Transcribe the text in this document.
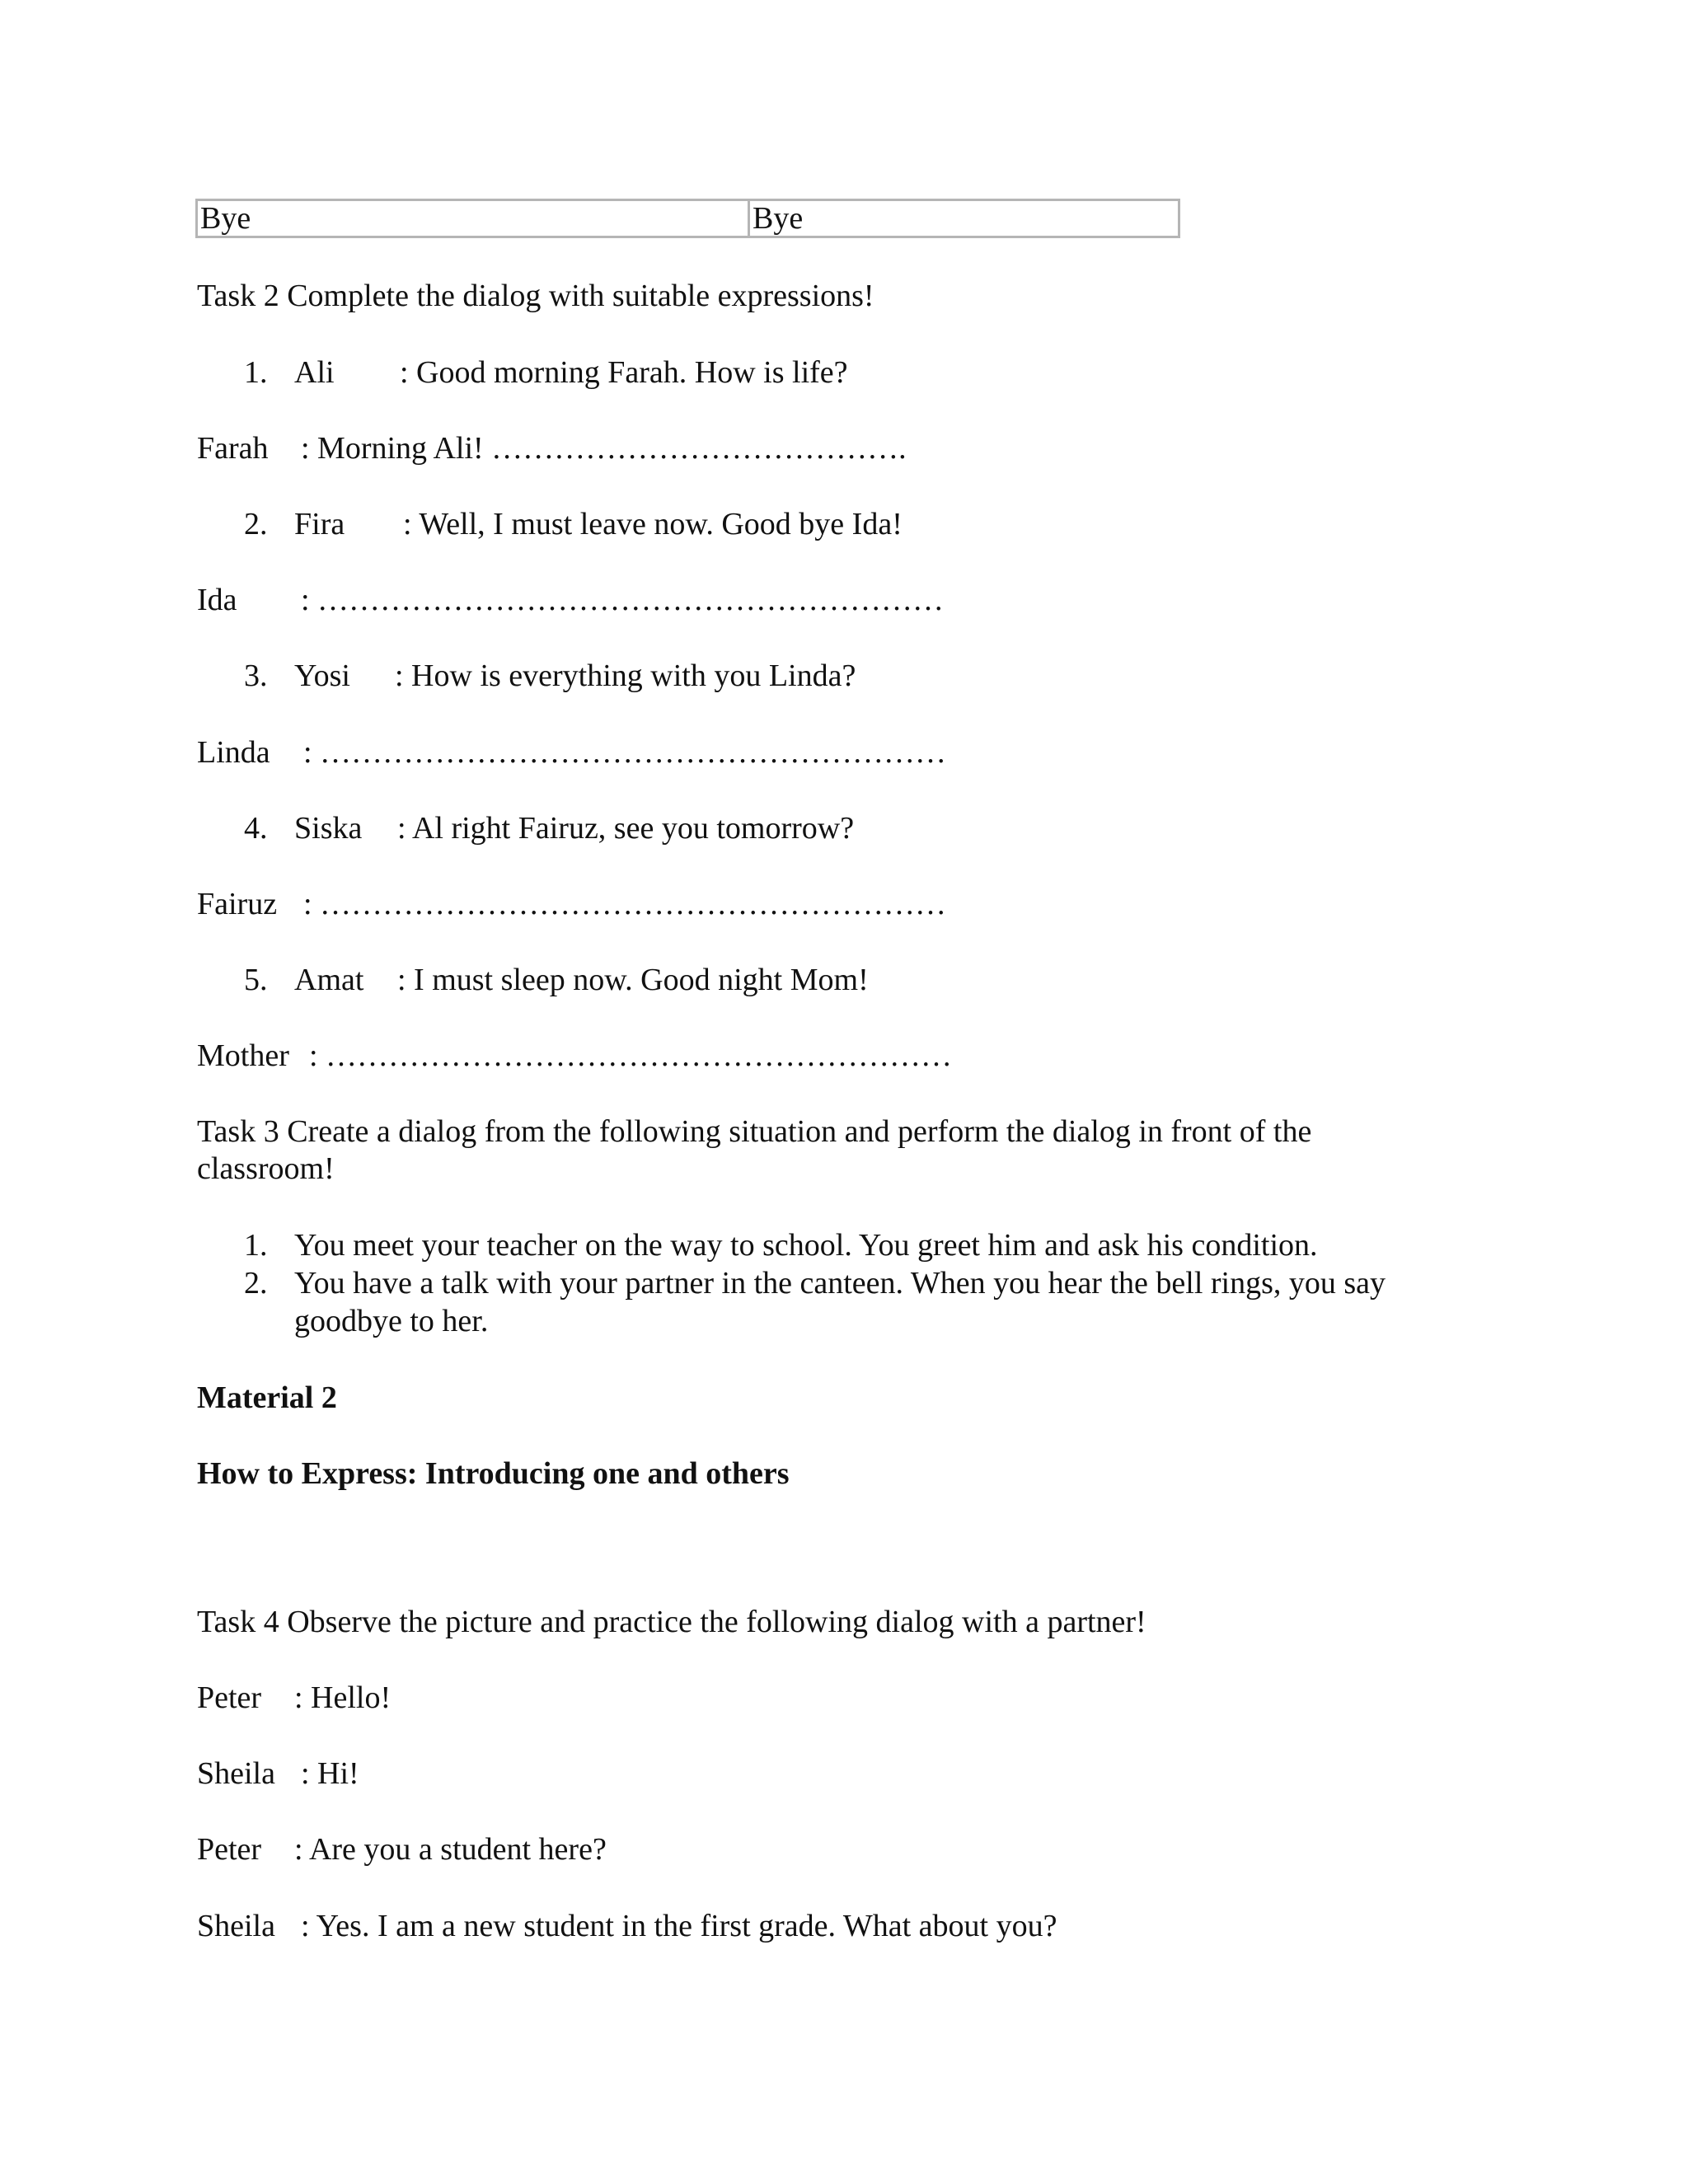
Bye	Bye
Task 2 Complete the dialog with suitable expressions!
1. Ali : Good morning Farah. How is life?
Farah : Morning Ali! ………………………………….
2. Fira : Well, I must leave now. Good bye Ida!
Ida : ……………………………………………………
3. Yosi : How is everything with you Linda?
Linda : ……………………………………………………
4. Siska : Al right Fairuz, see you tomorrow?
Fairuz : ……………………………………………………
5. Amat : I must sleep now. Good night Mom!
Mother : ……………………………………………………
Task 3 Create a dialog from the following situation and perform the dialog in front of the
classroom!
1. You meet your teacher on the way to school. You greet him and ask his condition.
2. You have a talk with your partner in the canteen. When you hear the bell rings, you say
goodbye to her.
Material 2
How to Express: Introducing one and others
Task 4 Observe the picture and practice the following dialog with a partner!
Peter : Hello!
Sheila : Hi!
Peter : Are you a student here?
Sheila : Yes. I am a new student in the first grade. What about you?
